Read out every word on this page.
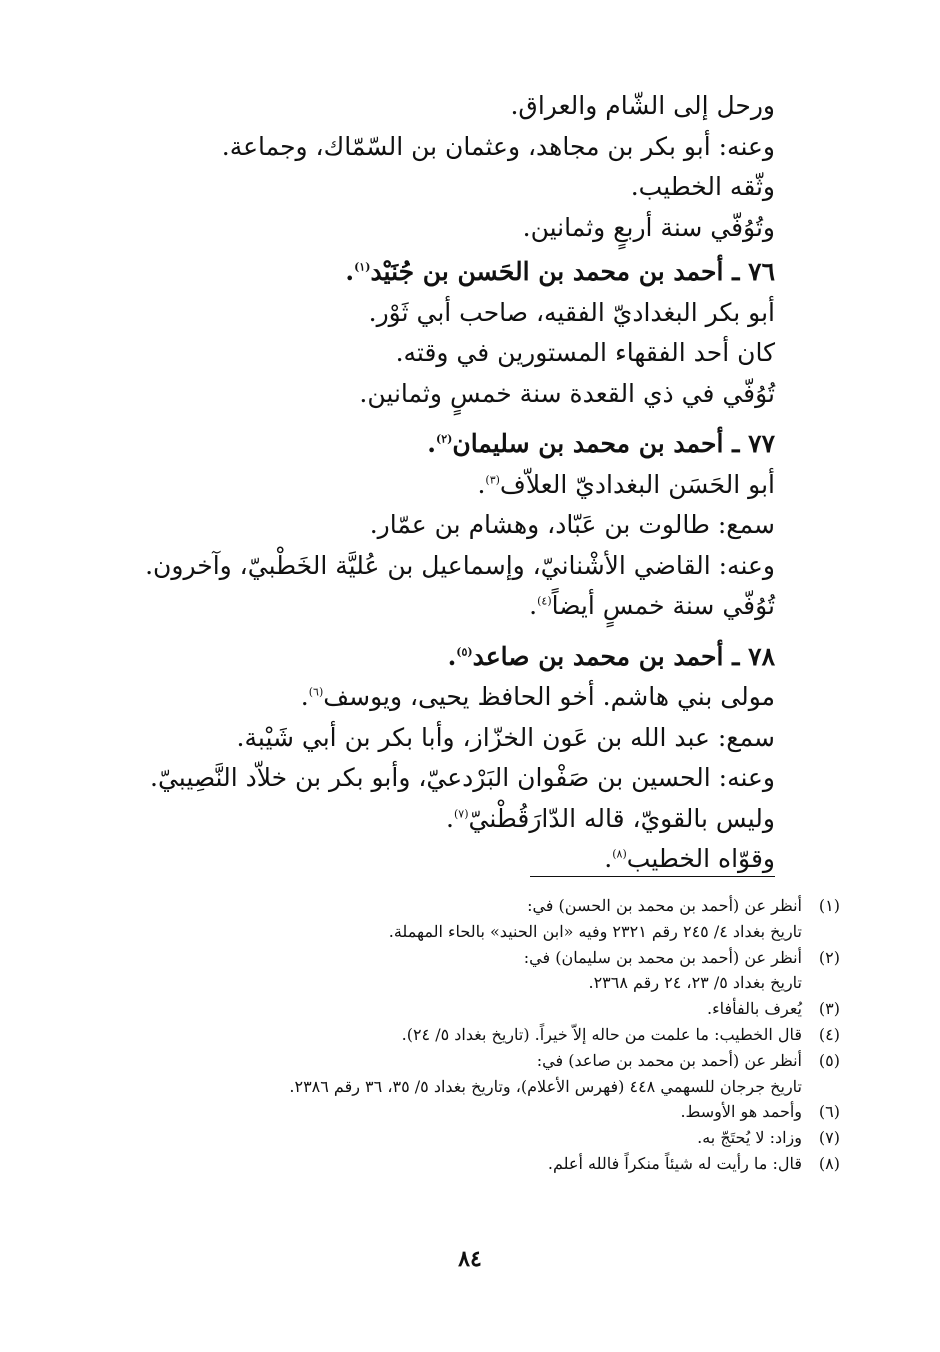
ورحل إلى الشّام والعراق.
وعنه: أبو بكر بن مجاهد، وعثمان بن السّمّاك، وجماعة.
وثّقه الخطيب.
وتُوُفّي سنة أربعٍ وثمانين.
٧٦ ـ أحمد بن محمد بن الحَسن بن جُنَيْد$^{(١)}$.
أبو بكر البغداديّ الفقيه، صاحب أبي ثَوْر.
كان أحد الفقهاء المستورين في وقته.
تُوُفّي في ذي القعدة سنة خمسٍ وثمانين.
٧٧ ـ أحمد بن محمد بن سليمان$^{(٢)}$.
أبو الحَسَن البغداديّ العلاّف$^{(٣)}$.
سمع: طالوت بن عَبّاد، وهشام بن عمّار.
وعنه: القاضي الأشْنانيّ، وإسماعيل بن عُليَّة الخَطْبيّ، وآخرون.
تُوُفّي سنة خمسٍ أيضاً$^{(٤)}$.
٧٨ ـ أحمد بن محمد بن صاعد$^{(٥)}$.
مولى بني هاشم. أخو الحافظ يحيى، ويوسف$^{(٦)}$.
سمع: عبد الله بن عَون الخزّاز، وأبا بكر بن أبي شَيْبة.
وعنه: الحسين بن صَفْوان البَرْدعيّ، وأبو بكر بن خلاّد النَّصِيبيّ.
وليس بالقويّ، قاله الدّارَقُطْنيّ$^{(٧)}$.
وقوّاه الخطيب$^{(٨)}$.
(١)أنظر عن (أحمد بن محمد بن الحسن) في:
تاريخ بغداد ٤/ ٢٤٥ رقم ٢٣٢١ وفيه «ابن الحنيد» بالحاء المهملة.
(٢)أنظر عن (أحمد بن محمد بن سليمان) في:
تاريخ بغداد ٥/ ٢٣، ٢٤ رقم ٢٣٦٨.
(٣)يُعرف بالفأفاء.
(٤)قال الخطيب: ما علمت من حاله إلاّ خيراً. (تاريخ بغداد ٥/ ٢٤).
(٥)أنظر عن (أحمد بن محمد بن صاعد) في:
تاريخ جرجان للسهمي ٤٤٨ (فهرس الأعلام)، وتاريخ بغداد ٥/ ٣٥، ٣٦ رقم ٢٣٨٦.
(٦)وأحمد هو الأوسط.
(٧)وزاد: لا يُحتَجّ به.
(٨)قال: ما رأيت له شيئاً منكراً فالله أعلم.
٨٤
